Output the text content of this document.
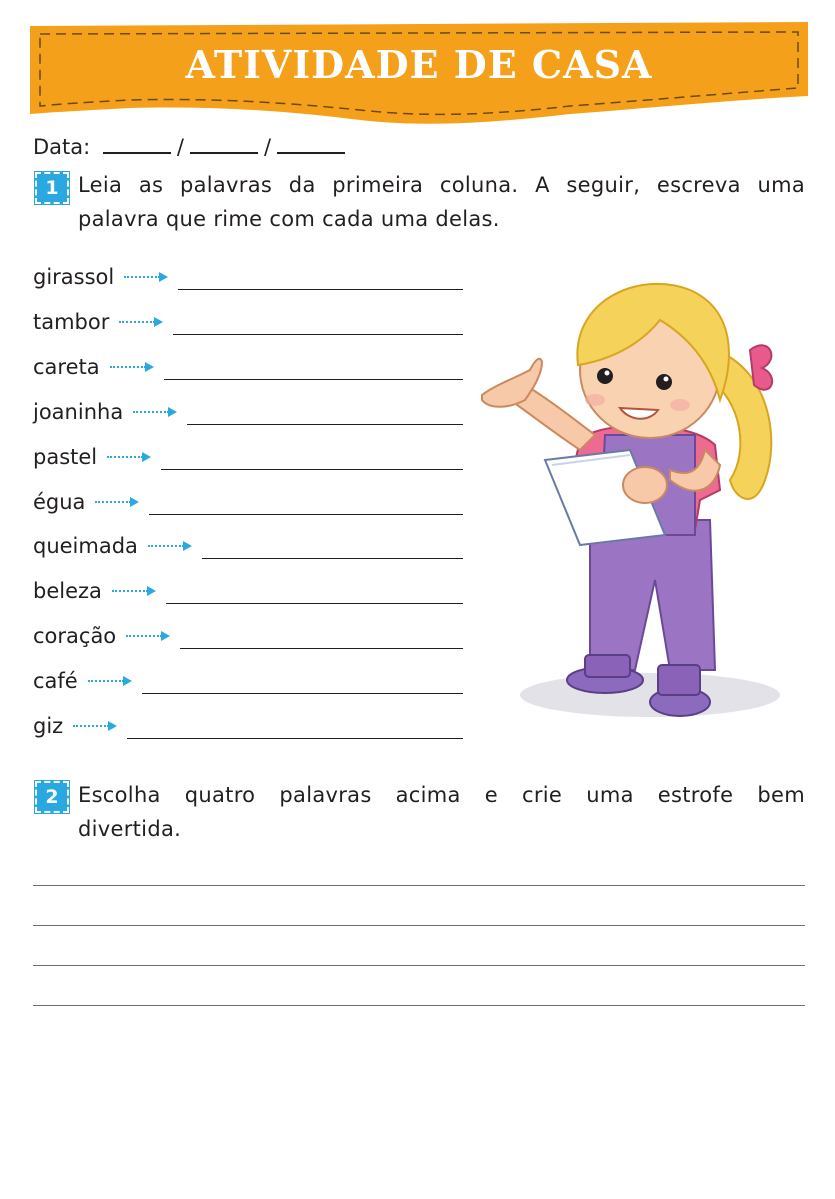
ATIVIDADE DE CASA
Data:	/	/
1 Leia as palavras da primeira coluna. A seguir, escreva uma
palavra que rime com cada uma delas.
girassol
tambor
careta
joaninha
pastel
égua
queimada
beleza
coração
café
giz
2 Escolha quatro palavras acima e crie uma estrofe bem
divertida.
